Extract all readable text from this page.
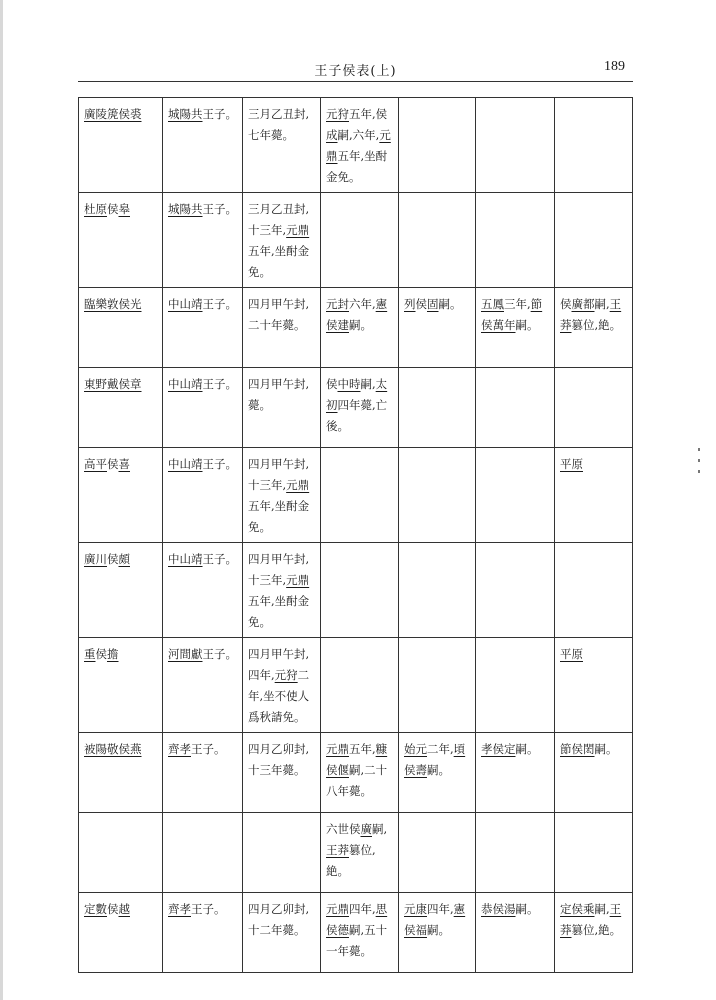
王子侯表(上)	189
廣陵箎侯裘	城陽共王子。	三月乙丑封,七年薨。	元狩五年,侯成嗣,六年,元鼎五年,坐酎金免。			
杜原侯皋	城陽共王子。	三月乙丑封,十三年,元鼎五年,坐酎金免。				
臨樂敦侯光	中山靖王子。	四月甲午封,二十年薨。	元封六年,憲侯建嗣。	列侯固嗣。	五鳳三年,節侯萬年嗣。	侯廣都嗣,王莽篡位,絶。
東野戴侯章	中山靖王子。	四月甲午封,薨。	侯中時嗣,太初四年薨,亡後。			
高平侯喜	中山靖王子。	四月甲午封,十三年,元鼎五年,坐酎金免。				平原
廣川侯頗	中山靖王子。	四月甲午封,十三年,元鼎五年,坐酎金免。				
重侯擔	河間獻王子。	四月甲午封,四年,元狩二年,坐不使人爲秋請免。				平原
被陽敬侯燕	齊孝王子。	四月乙卯封,十三年薨。	元鼎五年,糠侯偃嗣,二十八年薨。	始元二年,頃侯壽嗣。	孝侯定嗣。	節侯閎嗣。
			六世侯廣嗣,王莽篡位,絶。			
定數侯越	齊孝王子。	四月乙卯封,十二年薨。	元鼎四年,思侯德嗣,五十一年薨。	元康四年,憲侯福嗣。	恭侯湯嗣。	定侯乘嗣,王莽篡位,絶。
